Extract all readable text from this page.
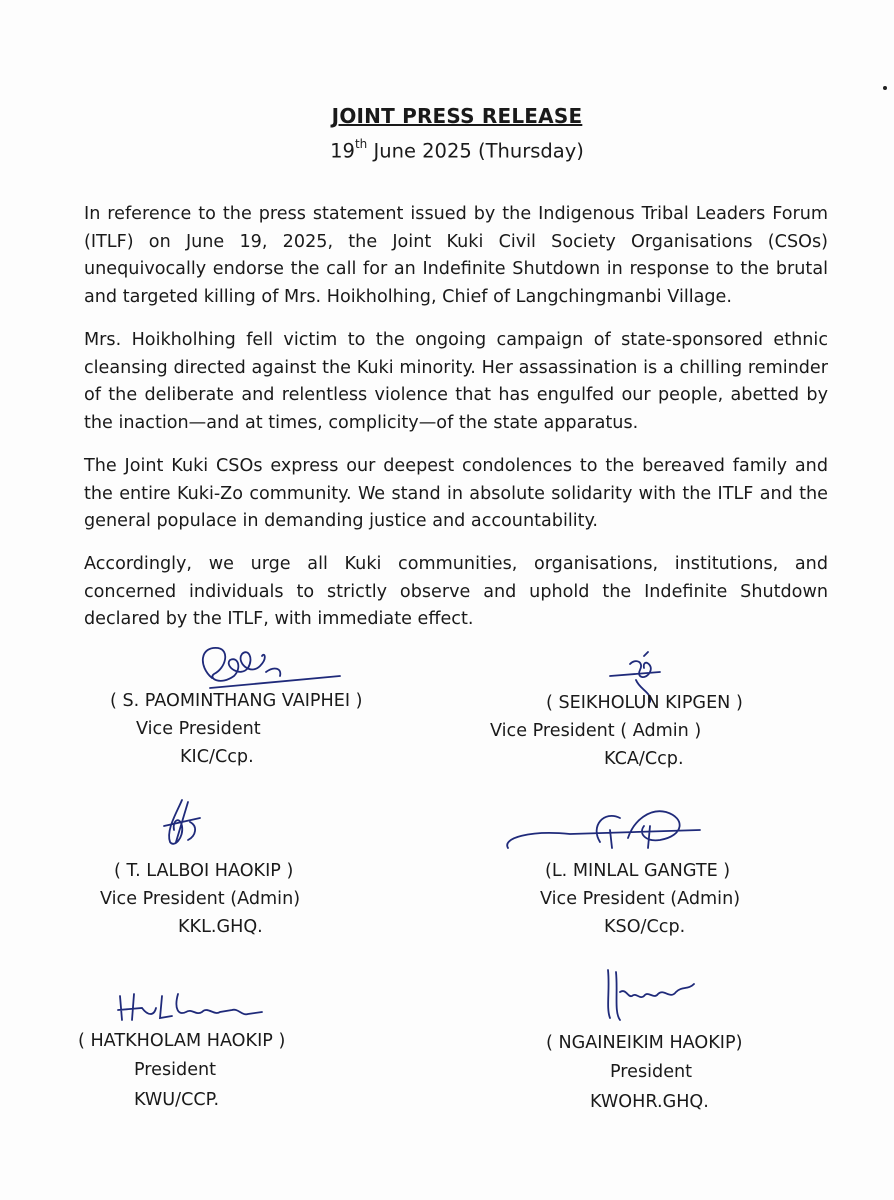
JOINT PRESS RELEASE
19th June 2025 (Thursday)
In reference to the press statement issued by the Indigenous Tribal Leaders Forum (ITLF) on June 19, 2025, the Joint Kuki Civil Society Organisations (CSOs) unequivocally endorse the call for an Indefinite Shutdown in response to the brutal and targeted killing of Mrs. Hoikholhing, Chief of Langchingmanbi Village.
Mrs. Hoikholhing fell victim to the ongoing campaign of state-sponsored ethnic cleansing directed against the Kuki minority. Her assassination is a chilling reminder of the deliberate and relentless violence that has engulfed our people, abetted by the inaction—and at times, complicity—of the state apparatus.
The Joint Kuki CSOs express our deepest condolences to the bereaved family and the entire Kuki-Zo community. We stand in absolute solidarity with the ITLF and the general populace in demanding justice and accountability.
Accordingly, we urge all Kuki communities, organisations, institutions, and concerned individuals to strictly observe and uphold the Indefinite Shutdown declared by the ITLF, with immediate effect.
( S. PAOMINTHANG VAIPHEI )
Vice President
KIC/Ccp.
( SEIKHOLUN KIPGEN )
Vice President ( Admin )
KCA/Ccp.
( T. LALBOI HAOKIP )
Vice President (Admin)
KKL.GHQ.
(L. MINLAL GANGTE )
Vice President (Admin)
KSO/Ccp.
( HATKHOLAM HAOKIP )
President
KWU/CCP.
( NGAINEIKIM HAOKIP)
President
KWOHR.GHQ.
